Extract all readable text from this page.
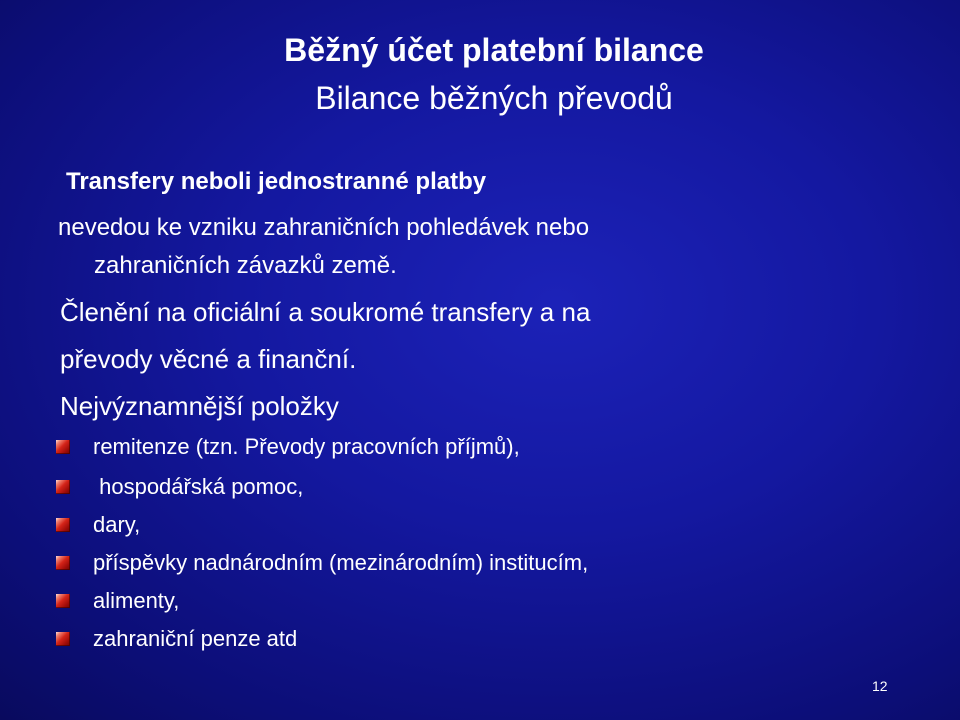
Běžný účet platební bilance
Bilance běžných převodů
Transfery neboli jednostranné platby
nevedou ke vzniku zahraničních pohledávek nebo
zahraničních závazků země.
Členění na oficiální a soukromé transfery a na
převody věcné a finanční.
Nejvýznamnější položky
remitenze (tzn. Převody pracovních příjmů),
hospodářská pomoc,
dary,
příspěvky nadnárodním (mezinárodním) institucím,
alimenty,
zahraniční penze atd
12
